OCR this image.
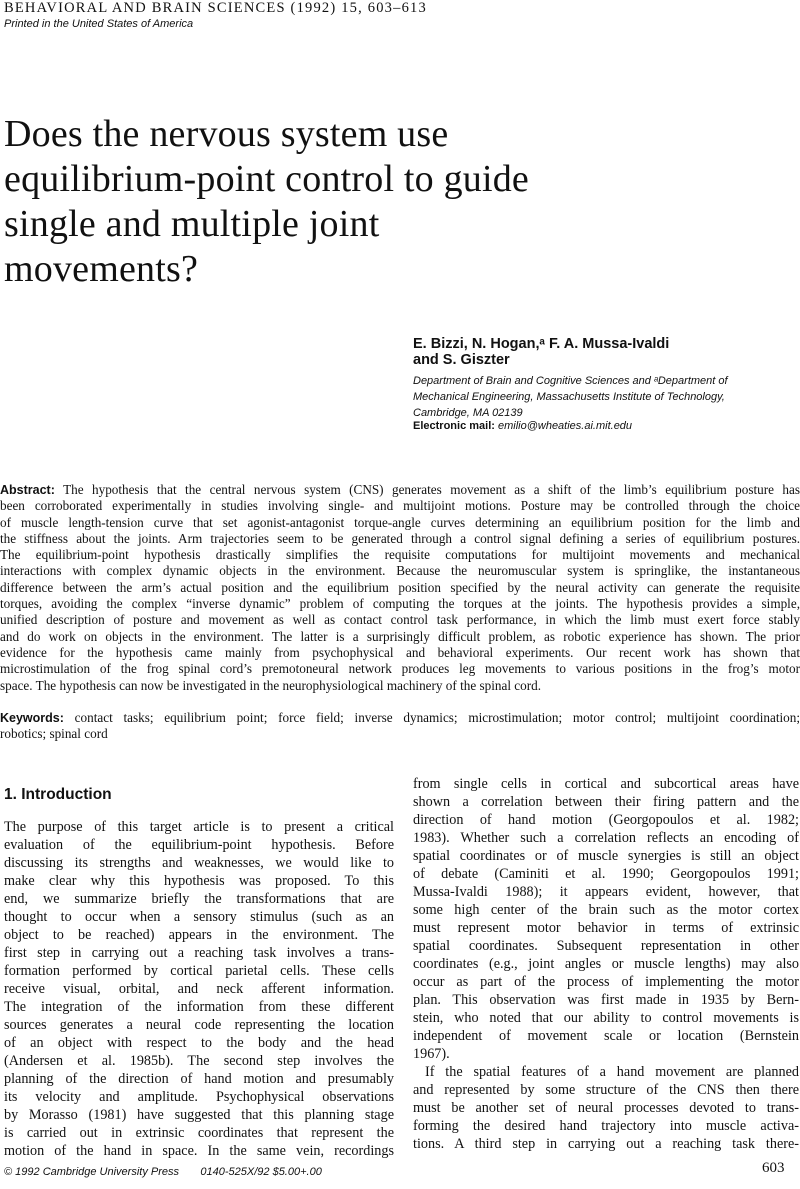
BEHAVIORAL AND BRAIN SCIENCES (1992) 15, 603–613
Printed in the United States of America
Does the nervous system use
equilibrium-point control to guide
single and multiple joint
movements?
E. Bizzi, N. Hogan,ᵃ F. A. Mussa-Ivaldi
and S. Giszter
Department of Brain and Cognitive Sciences and ᵃDepartment of
Mechanical Engineering, Massachusetts Institute of Technology,
Cambridge, MA 02139
Electronic mail: emilio@wheaties.ai.mit.edu
Abstract: The hypothesis that the central nervous system (CNS) generates movement as a shift of the limb’s equilibrium posture has
been corroborated experimentally in studies involving single- and multijoint motions. Posture may be controlled through the choice
of muscle length-tension curve that set agonist-antagonist torque-angle curves determining an equilibrium position for the limb and
the stiffness about the joints. Arm trajectories seem to be generated through a control signal defining a series of equilibrium postures.
The equilibrium-point hypothesis drastically simplifies the requisite computations for multijoint movements and mechanical
interactions with complex dynamic objects in the environment. Because the neuromuscular system is springlike, the instantaneous
difference between the arm’s actual position and the equilibrium position specified by the neural activity can generate the requisite
torques, avoiding the complex “inverse dynamic” problem of computing the torques at the joints. The hypothesis provides a simple,
unified description of posture and movement as well as contact control task performance, in which the limb must exert force stably
and do work on objects in the environment. The latter is a surprisingly difficult problem, as robotic experience has shown. The prior
evidence for the hypothesis came mainly from psychophysical and behavioral experiments. Our recent work has shown that
microstimulation of the frog spinal cord’s premotoneural network produces leg movements to various positions in the frog’s motor
space. The hypothesis can now be investigated in the neurophysiological machinery of the spinal cord.
Keywords: contact tasks; equilibrium point; force field; inverse dynamics; microstimulation; motor control; multijoint coordination;
robotics; spinal cord
1. Introduction
The purpose of this target article is to present a critical
evaluation of the equilibrium-point hypothesis. Before
discussing its strengths and weaknesses, we would like to
make clear why this hypothesis was proposed. To this
end, we summarize briefly the transformations that are
thought to occur when a sensory stimulus (such as an
object to be reached) appears in the environment. The
first step in carrying out a reaching task involves a trans-
formation performed by cortical parietal cells. These cells
receive visual, orbital, and neck afferent information.
The integration of the information from these different
sources generates a neural code representing the location
of an object with respect to the body and the head
(Andersen et al. 1985b). The second step involves the
planning of the direction of hand motion and presumably
its velocity and amplitude. Psychophysical observations
by Morasso (1981) have suggested that this planning stage
is carried out in extrinsic coordinates that represent the
motion of the hand in space. In the same vein, recordings
from single cells in cortical and subcortical areas have
shown a correlation between their firing pattern and the
direction of hand motion (Georgopoulos et al. 1982;
1983). Whether such a correlation reflects an encoding of
spatial coordinates or of muscle synergies is still an object
of debate (Caminiti et al. 1990; Georgopoulos 1991;
Mussa-Ivaldi 1988); it appears evident, however, that
some high center of the brain such as the motor cortex
must represent motor behavior in terms of extrinsic
spatial coordinates. Subsequent representation in other
coordinates (e.g., joint angles or muscle lengths) may also
occur as part of the process of implementing the motor
plan. This observation was first made in 1935 by Bern-
stein, who noted that our ability to control movements is
independent of movement scale or location (Bernstein
1967).
If the spatial features of a hand movement are planned
and represented by some structure of the CNS then there
must be another set of neural processes devoted to trans-
forming the desired hand trajectory into muscle activa-
tions. A third step in carrying out a reaching task there-
© 1992 Cambridge University Press       0140-525X/92 $5.00+.00	603
